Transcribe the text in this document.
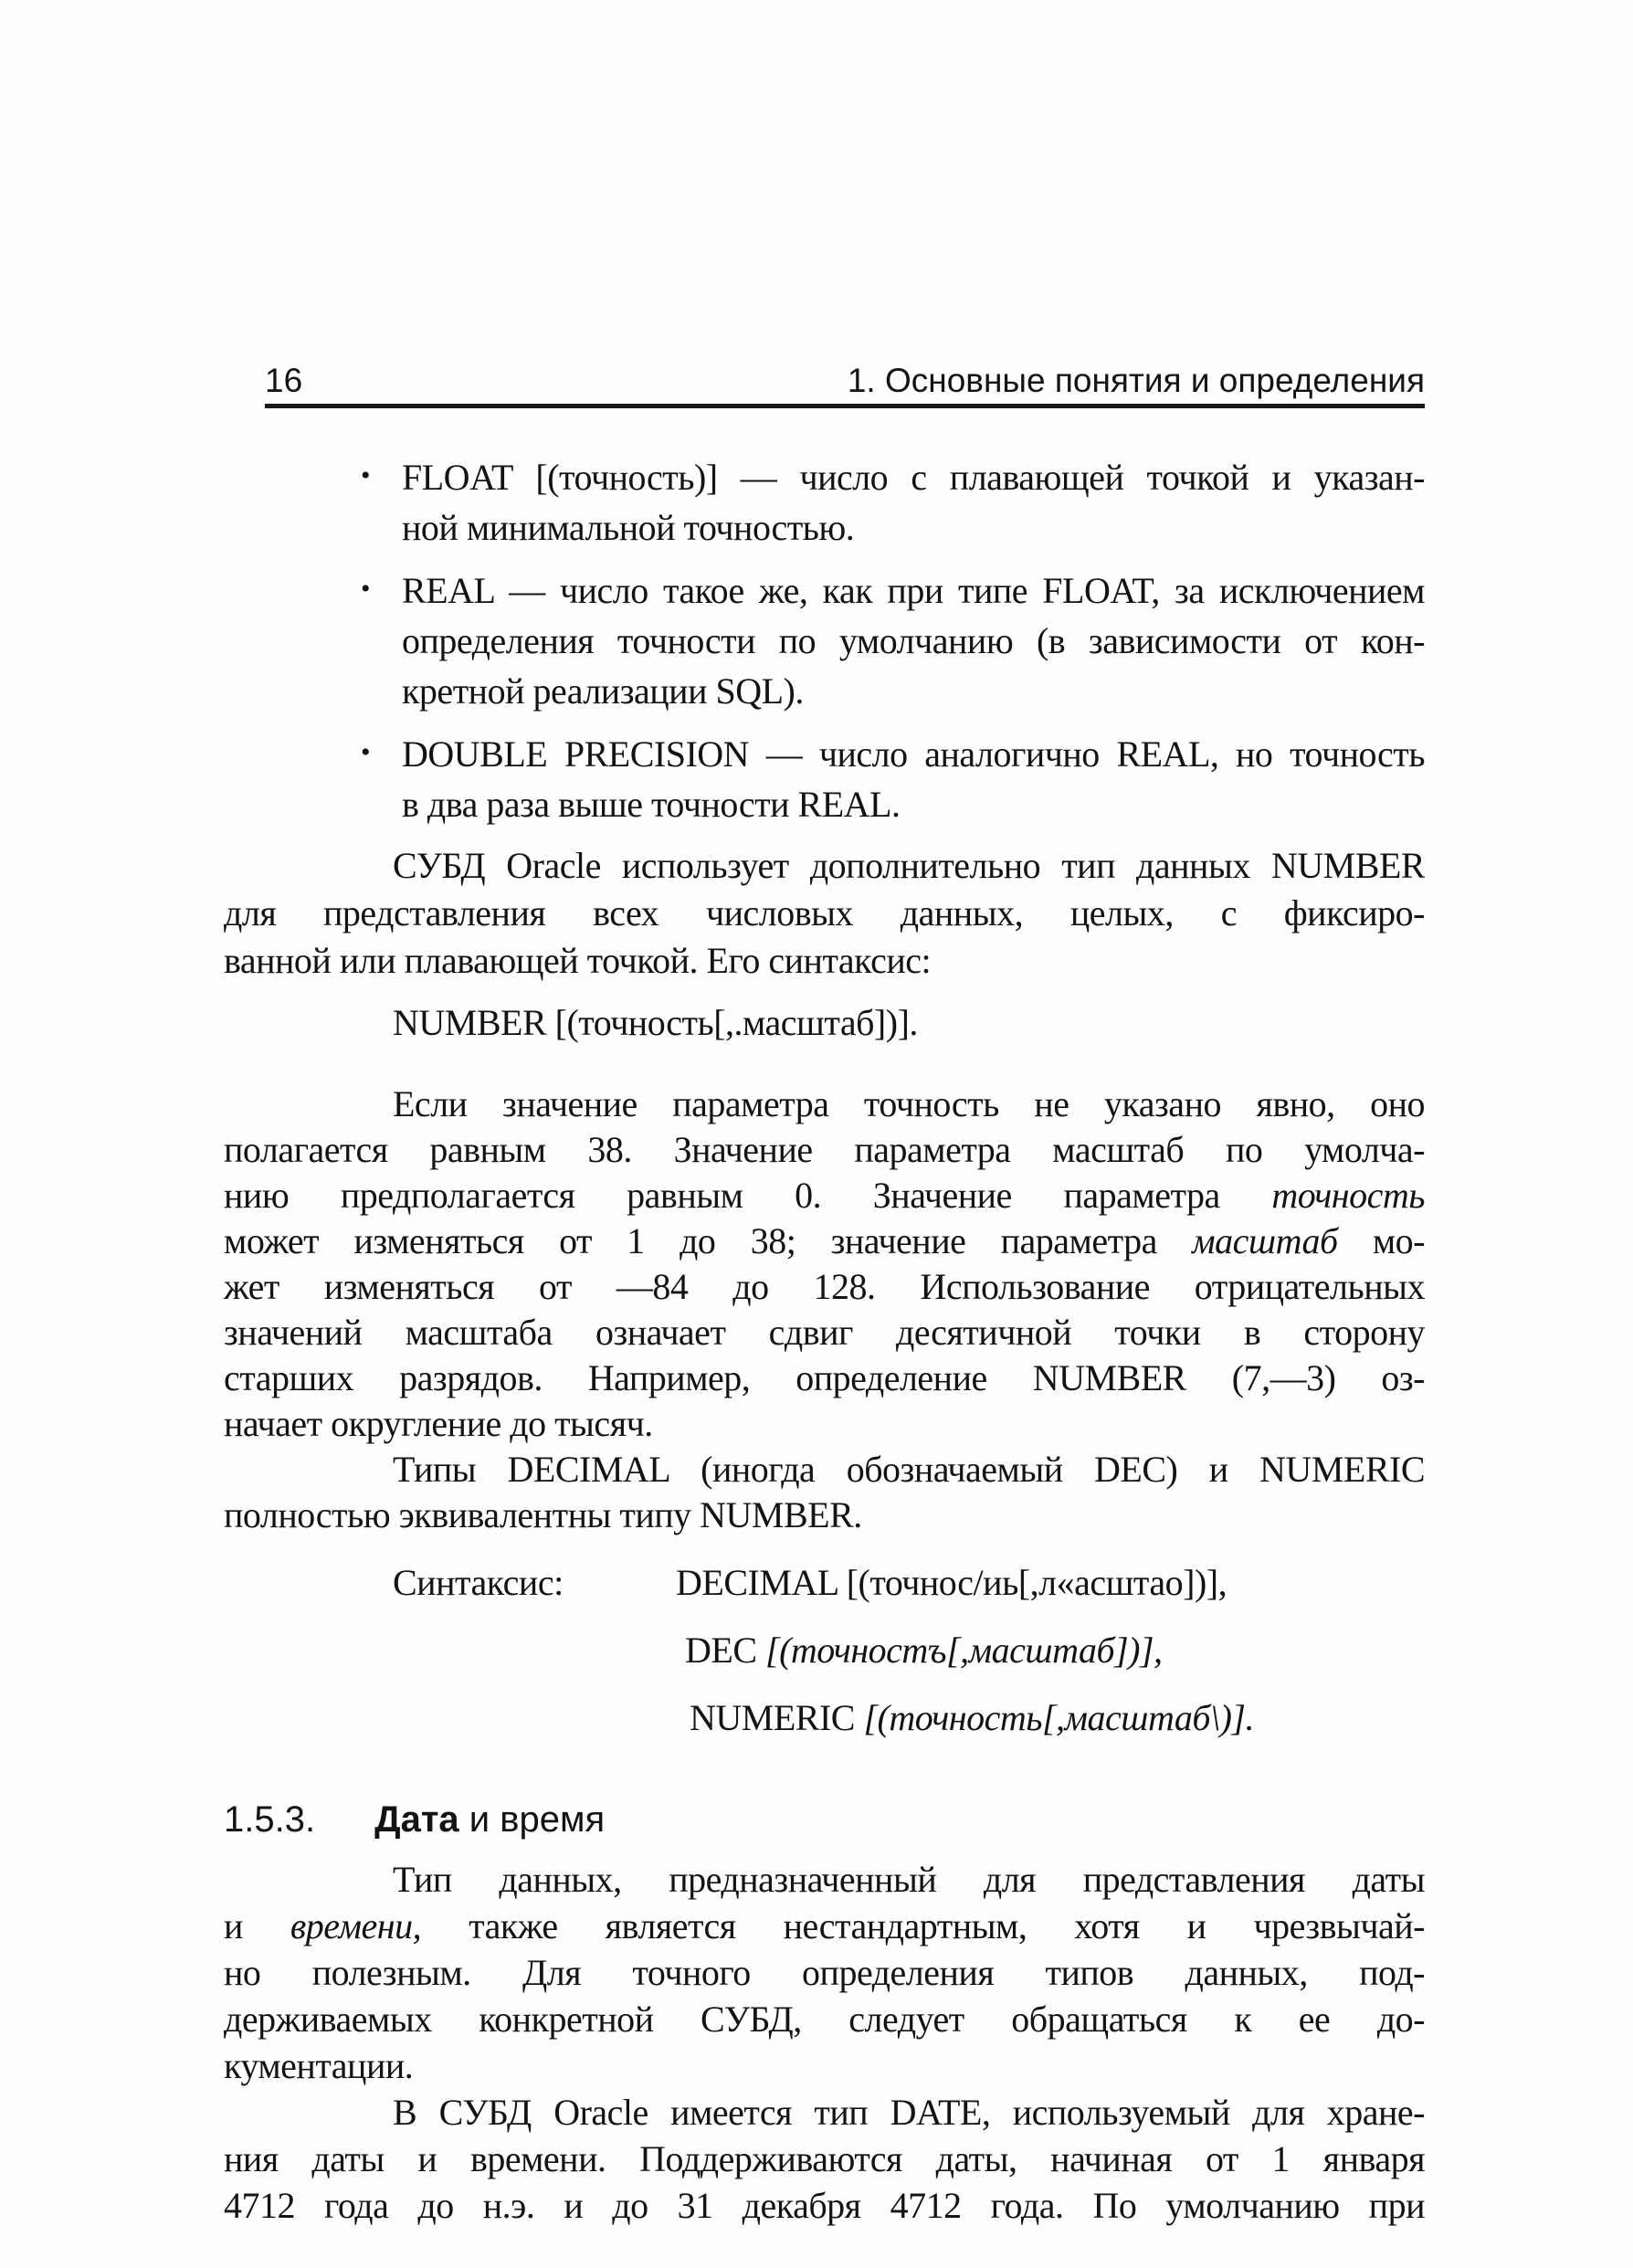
16	1. Основные понятия и определения
• FLOAT [(точность)] — число с плавающей точкой и указан-
ной минимальной точностью.
• REAL — число такое же, как при типе FLOAT, за исключением
определения точности по умолчанию (в зависимости от кон-
кретной реализации SQL).
• DOUBLE PRECISION — число аналогично REAL, но точность
в два раза выше точности REAL.
СУБД Oracle использует дополнительно тип данных NUMBER
для представления всех числовых данных, целых, с фиксиро-
ванной или плавающей точкой. Его синтаксис:
NUMBER [(точность[,.масштаб])].
Если значение параметра точность не указано явно, оно
полагается равным 38. Значение параметра масштаб по умолча-
нию предполагается равным 0. Значение параметра точность
может изменяться от 1 до 38; значение параметра масштаб мо-
жет изменяться от —84 до 128. Использование отрицательных
значений масштаба означает сдвиг десятичной точки в сторону
старших разрядов. Например, определение NUMBER (7,—3) оз-
начает округление до тысяч.
Типы DECIMAL (иногда обозначаемый DEC) и NUMERIC
полностью эквивалентны типу NUMBER.
Синтаксис:	DECIMAL [(точнос/иь[,л«асштао])],
DEC [(точностъ[,масштаб])],
NUMERIC [(точность[,масштаб\)].
1.5.3. Дата и время
Тип данных, предназначенный для представления даты
и времени, также является нестандартным, хотя и чрезвычай-
но полезным. Для точного определения типов данных, под-
держиваемых конкретной СУБД, следует обращаться к ее до-
кументации.
В СУБД Oracle имеется тип DATE, используемый для хране-
ния даты и времени. Поддерживаются даты, начиная от 1 января
4712 года до н.э. и до 31 декабря 4712 года. По умолчанию при
